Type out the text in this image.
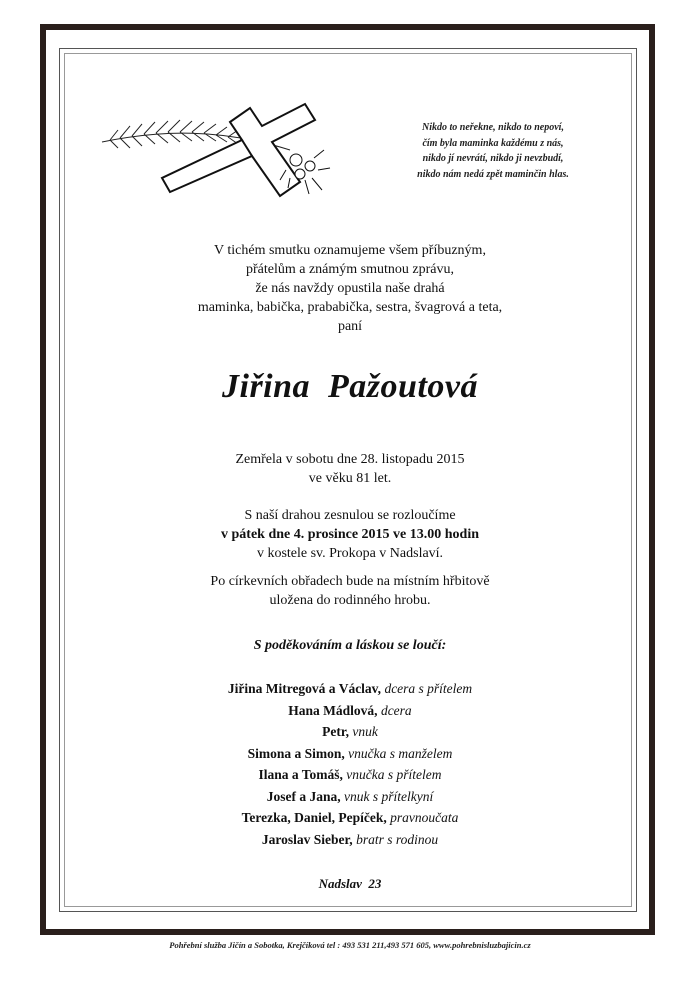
Nikdo to neřekne, nikdo to nepoví,
čím byla maminka každému z nás,
nikdo jí nevrátí, nikdo ji nevzbudí,
nikdo nám nedá zpět maminčin hlas.
V tichém smutku oznamujeme všem příbuzným,
přátelům a známým smutnou zprávu,
že nás navždy opustila naše drahá
maminka, babička, prababička, sestra, švagrová a teta,
paní
Jiřina  Pažoutová
Zemřela v sobotu dne 28. listopadu 2015
ve věku 81 let.
S naší drahou zesnulou se rozloučíme
v pátek dne 4. prosince 2015 ve 13.00 hodin
v kostele sv. Prokopa v Nadslaví.
Po církevních obřadech bude na místním hřbitově
uložena do rodinného hrobu.
S poděkováním a láskou se loučí:
Jiřina Mitregová a Václav, dcera s přítelem
Hana Mádlová, dcera
Petr, vnuk
Simona a Simon, vnučka s manželem
Ilana a Tomáš, vnučka s přítelem
Josef a Jana, vnuk s přítelkyní
Terezka, Daniel, Pepíček, pravnoučata
Jaroslav Sieber, bratr s rodinou
Nadslav  23
Pohřební služba Jičín a Sobotka, Krejčíková tel : 493 531 211,493 571 605, www.pohrebnisluzbajicin.cz
